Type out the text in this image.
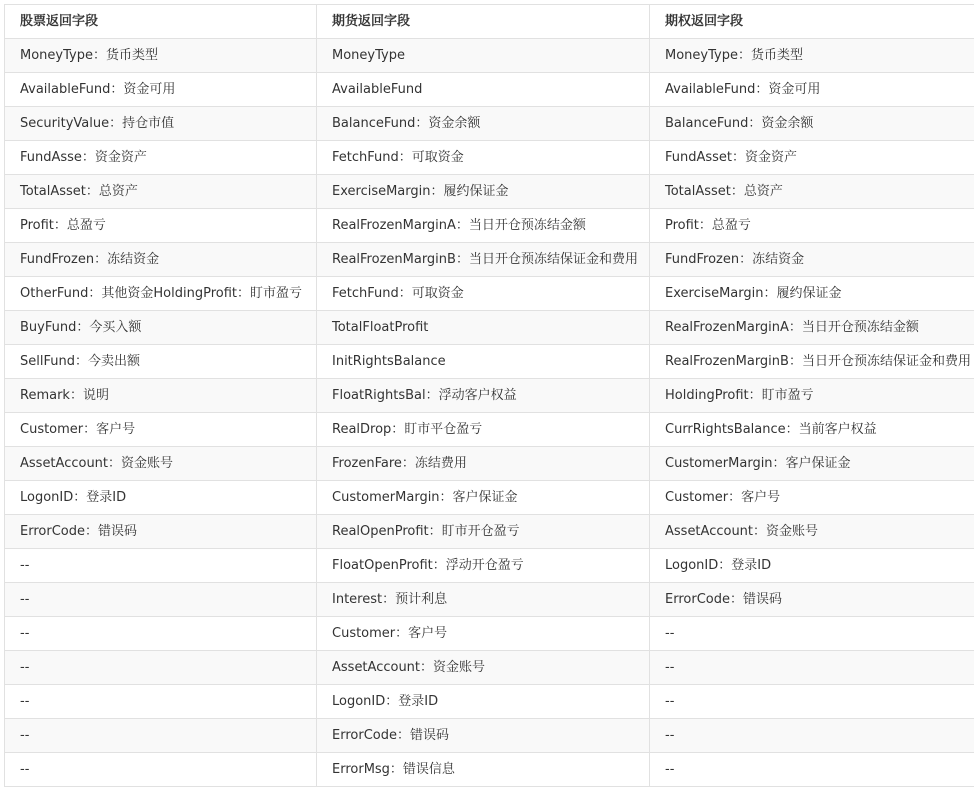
股票返回字段	期货返回字段	期权返回字段
MoneyType：货币类型	MoneyType	MoneyType：货币类型
AvailableFund：资金可用	AvailableFund	AvailableFund：资金可用
SecurityValue：持仓市值	BalanceFund：资金余额	BalanceFund：资金余额
FundAsse：资金资产	FetchFund：可取资金	FundAsset：资金资产
TotalAsset：总资产	ExerciseMargin：履约保证金	TotalAsset：总资产
Profit：总盈亏	RealFrozenMarginA：当日开仓预冻结金额	Profit：总盈亏
FundFrozen：冻结资金	RealFrozenMarginB：当日开仓预冻结保证金和费用	FundFrozen：冻结资金
OtherFund：其他资金HoldingProfit：盯市盈亏	FetchFund：可取资金	ExerciseMargin：履约保证金
BuyFund：今买入额	TotalFloatProfit	RealFrozenMarginA：当日开仓预冻结金额
SellFund：今卖出额	InitRightsBalance	RealFrozenMarginB：当日开仓预冻结保证金和费用
Remark：说明	FloatRightsBal：浮动客户权益	HoldingProfit：盯市盈亏
Customer：客户号	RealDrop：盯市平仓盈亏	CurrRightsBalance：当前客户权益
AssetAccount：资金账号	FrozenFare：冻结费用	CustomerMargin：客户保证金
LogonID：登录ID	CustomerMargin：客户保证金	Customer：客户号
ErrorCode：错误码	RealOpenProfit：盯市开仓盈亏	AssetAccount：资金账号
--	FloatOpenProfit：浮动开仓盈亏	LogonID：登录ID
--	Interest：预计利息	ErrorCode：错误码
--	Customer：客户号	--
--	AssetAccount：资金账号	--
--	LogonID：登录ID	--
--	ErrorCode：错误码	--
--	ErrorMsg：错误信息	--
